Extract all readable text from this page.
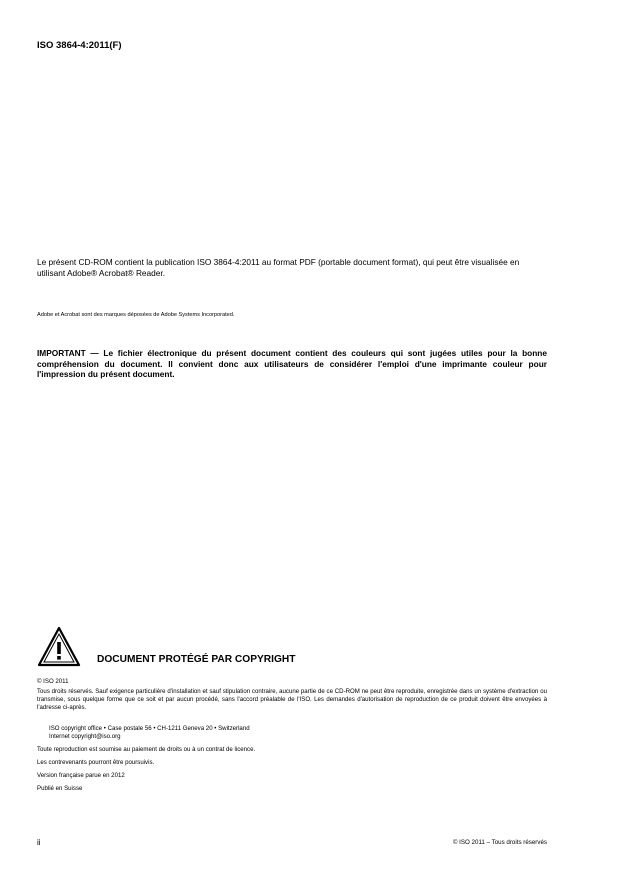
ISO 3864-4:2011(F)
Le présent CD-ROM contient la publication ISO 3864-4:2011 au format PDF (portable document format), qui peut être visualisée en utilisant Adobe® Acrobat® Reader.
Adobe et Acrobat sont des marques déposées de Adobe Systems Incorporated.
IMPORTANT — Le fichier électronique du présent document contient des couleurs qui sont jugées utiles pour la bonne compréhension du document. Il convient donc aux utilisateurs de considérer l'emploi d'une imprimante couleur pour l'impression du présent document.
DOCUMENT PROTÉGÉ PAR COPYRIGHT
© ISO 2011
Tous droits réservés. Sauf exigence particulière d'installation et sauf stipulation contraire, aucune partie de ce CD-ROM ne peut être reproduite, enregistrée dans un système d'extraction ou transmise, sous quelque forme que ce soit et par aucun procédé, sans l'accord préalable de l'ISO. Les demandes d'autorisation de reproduction de ce produit doivent être envoyées à l'adresse ci-après.
ISO copyright office • Case postale 56 • CH-1211 Geneva 20 • Switzerland
Internet copyright@iso.org
Toute reproduction est soumise au paiement de droits ou à un contrat de licence.
Les contrevenants pourront être poursuivis.
Version française parue en 2012
Publié en Suisse
ii	© ISO 2011 – Tous droits réservés
